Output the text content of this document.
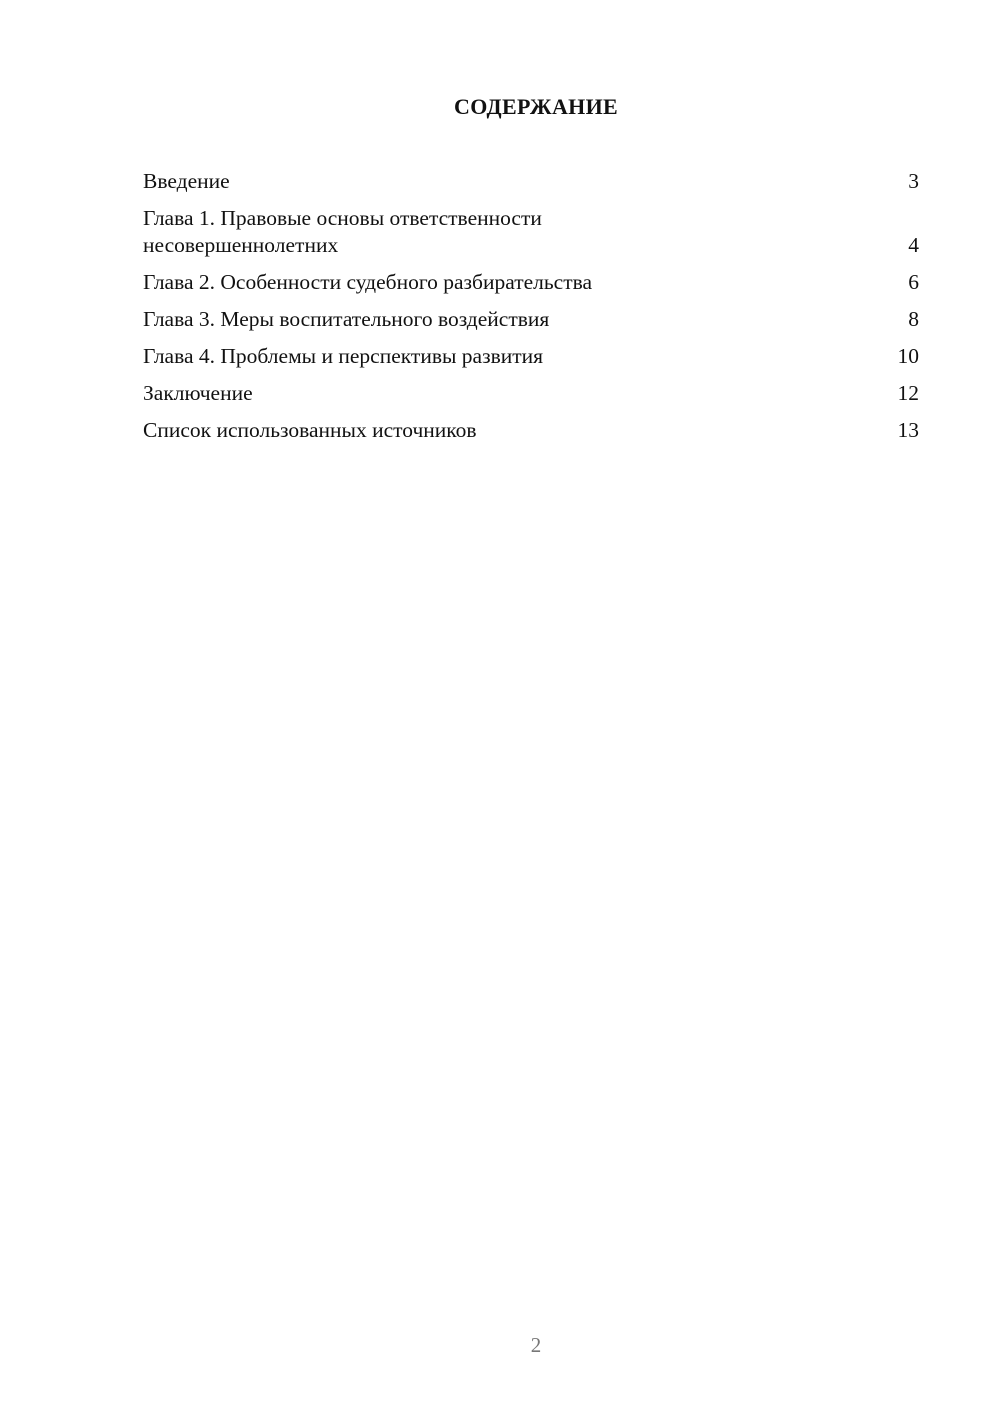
СОДЕРЖАНИЕ
Введение	3
Глава 1. Правовые основы ответственности
несовершеннолетних	4
Глава 2. Особенности судебного разбирательства	6
Глава 3. Меры воспитательного воздействия	8
Глава 4. Проблемы и перспективы развития	10
Заключение	12
Список использованных источников	13
2
